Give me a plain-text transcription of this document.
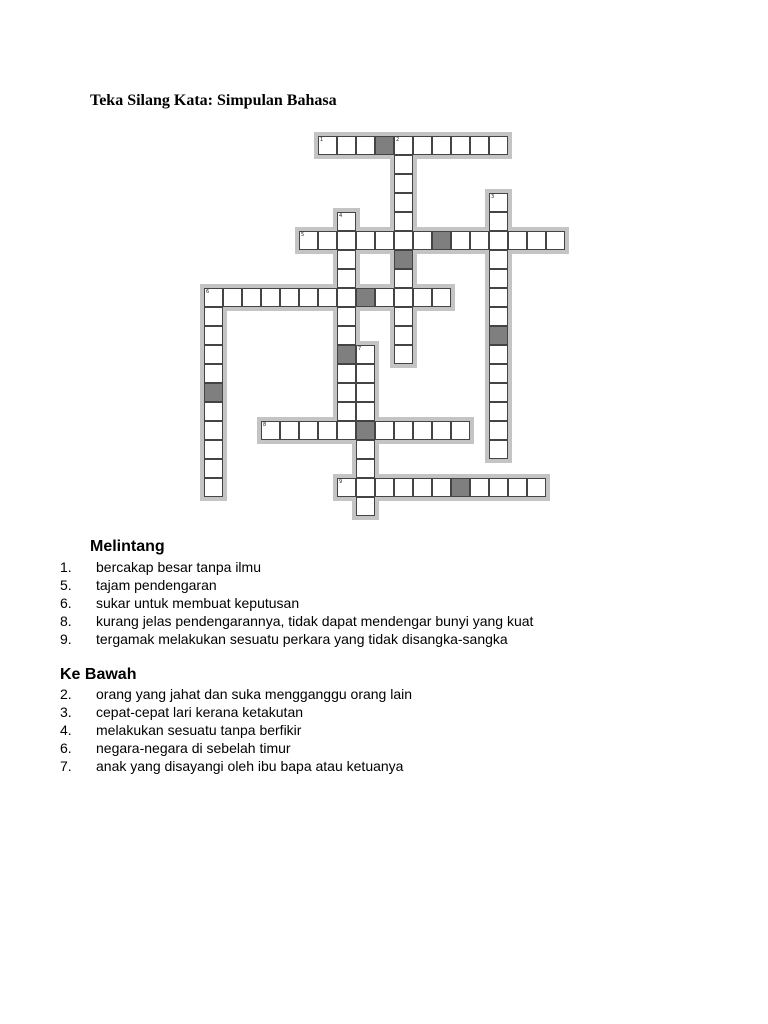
Teka Silang Kata: Simpulan Bahasa
1	2
3
4
5
6
7
8
9
Melintang
1. bercakap besar tanpa ilmu
5. tajam pendengaran
6. sukar untuk membuat keputusan
8. kurang jelas pendengarannya, tidak dapat mendengar bunyi yang kuat
9. tergamak melakukan sesuatu perkara yang tidak disangka-sangka
Ke Bawah
2. orang yang jahat dan suka mengganggu orang lain
3. cepat-cepat lari kerana ketakutan
4. melakukan sesuatu tanpa berfikir
6. negara-negara di sebelah timur
7. anak yang disayangi oleh ibu bapa atau ketuanya
